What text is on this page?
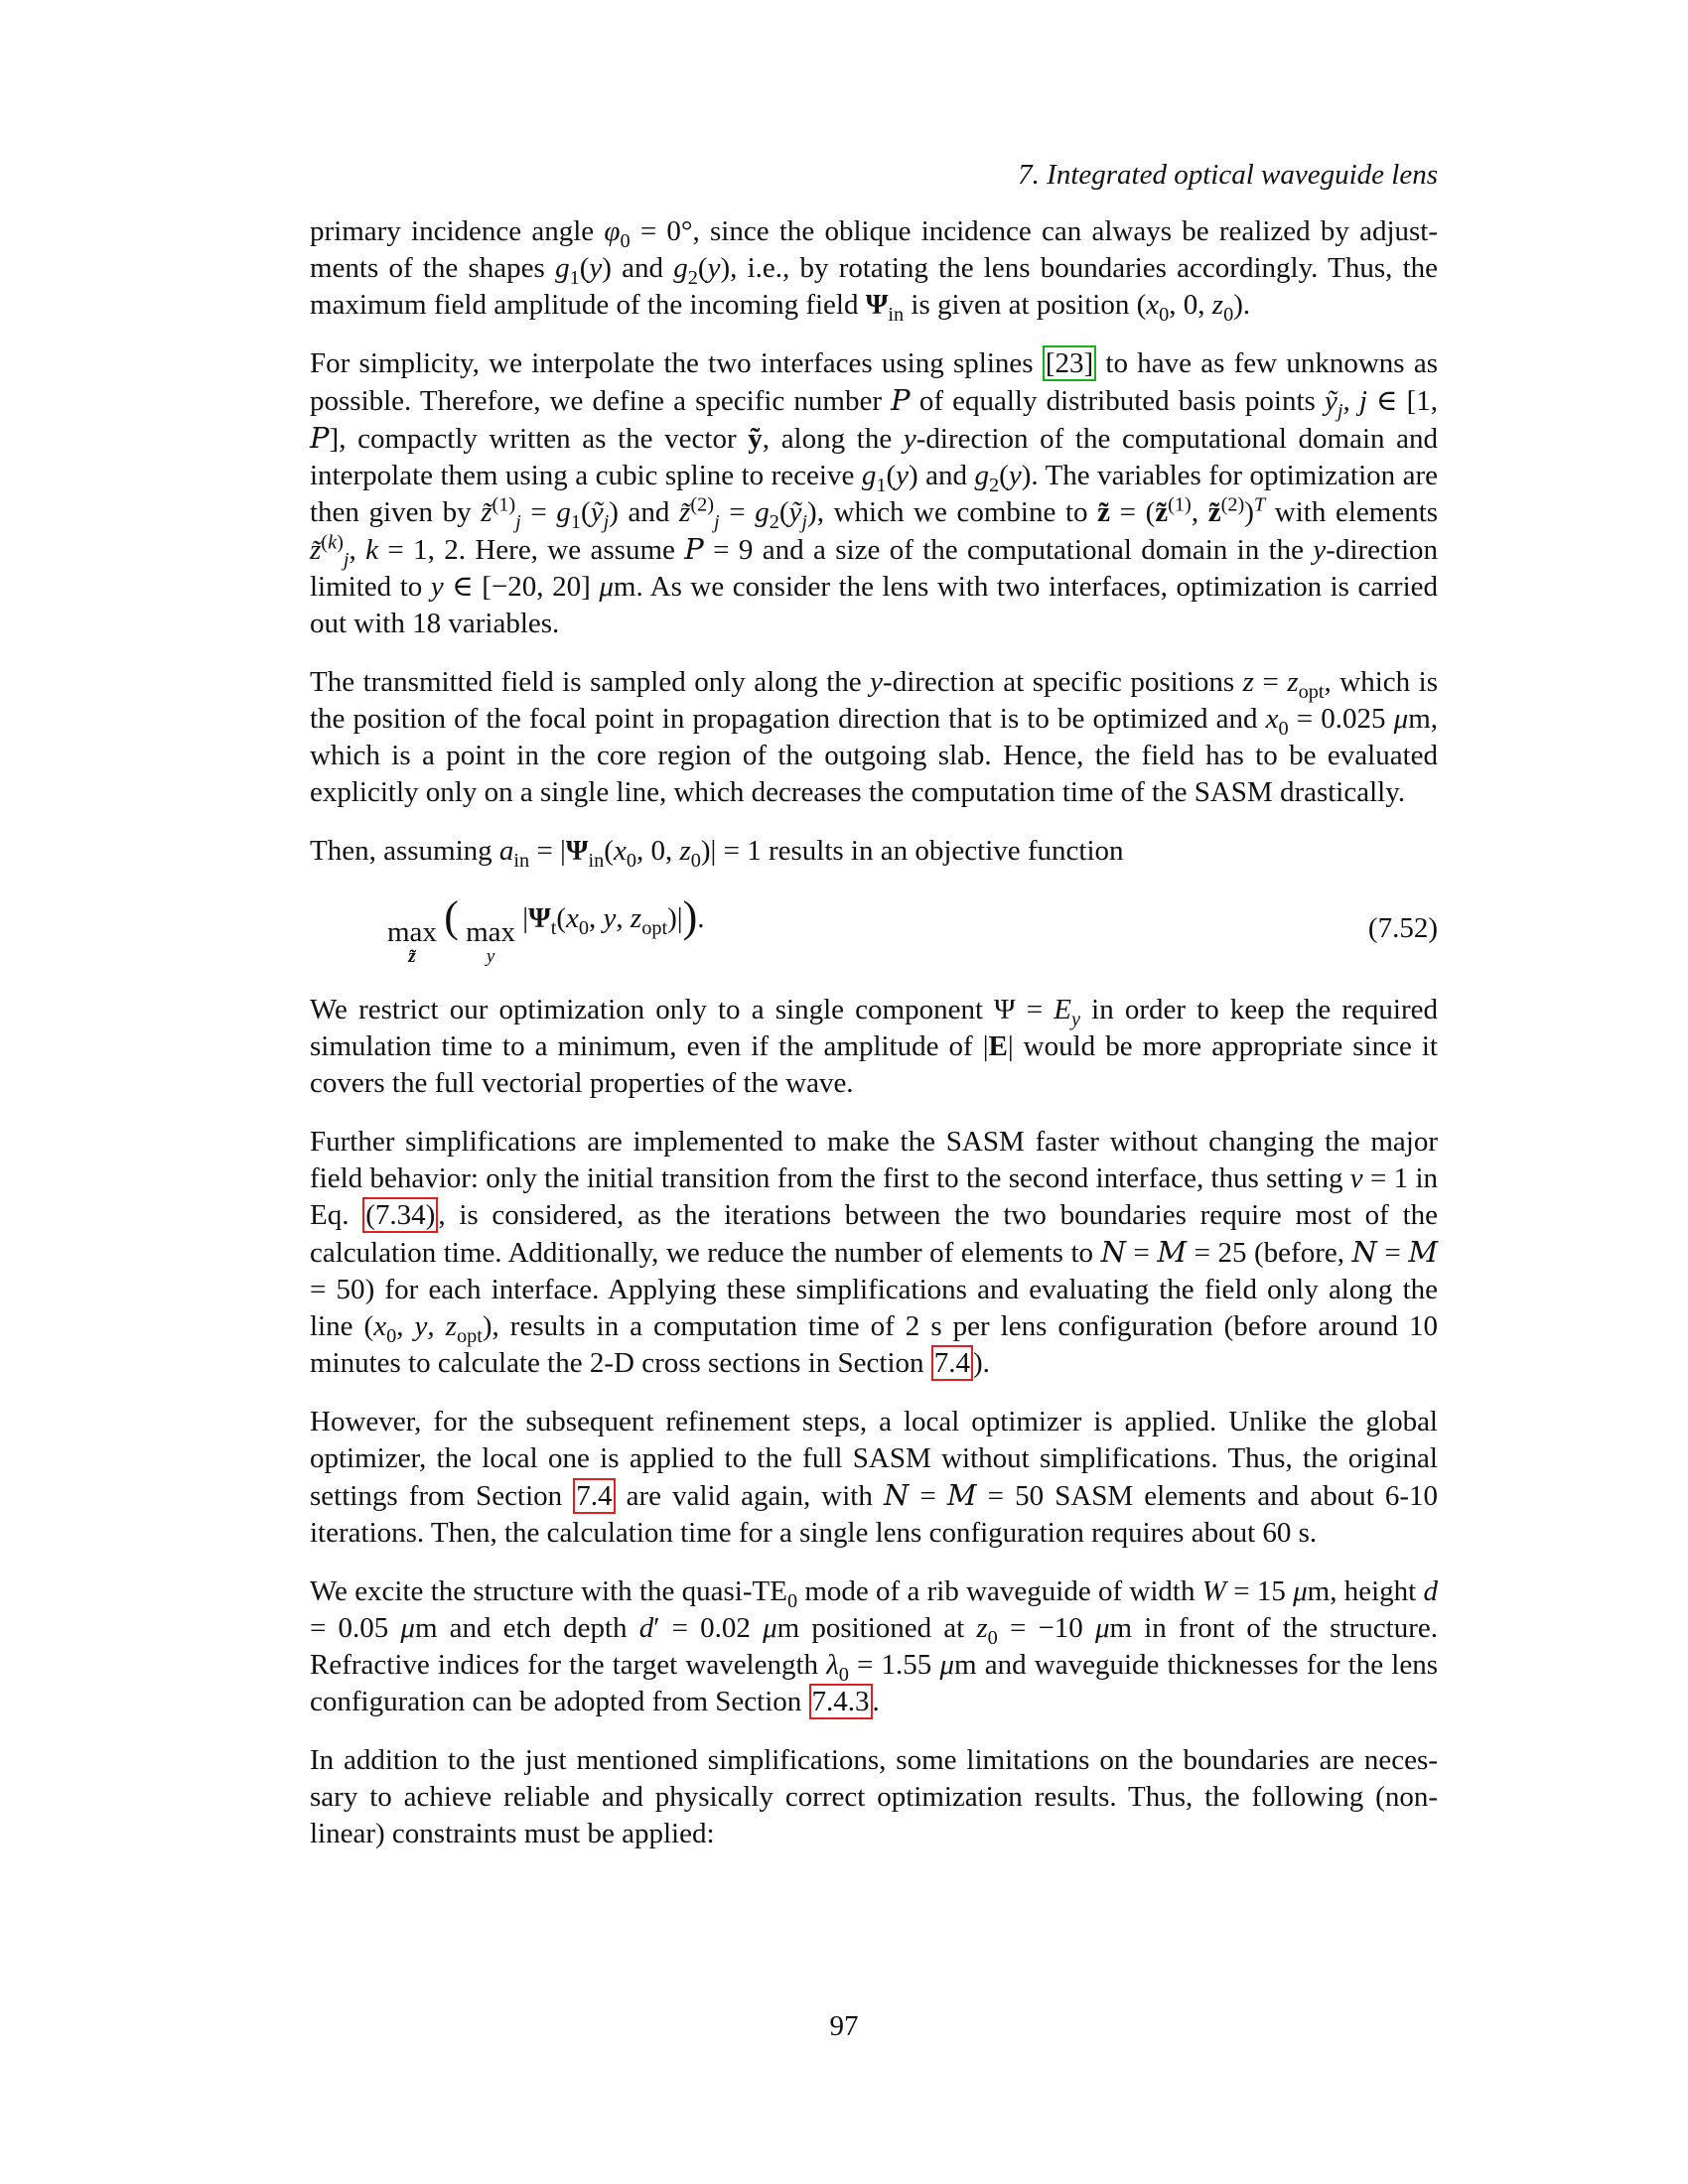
7. Integrated optical waveguide lens

primary incidence angle $\varphi_0 = 0^\circ$, since the oblique incidence can always be realized by adjust-ments of the shapes $g_1(y)$ and $g_2(y)$, i.e., by rotating the lens boundaries accordingly. Thus, the maximum field amplitude of the incoming field $\Psi_{in}$ is given at position ($x_0$, 0, $z_0$).

For simplicity, we interpolate the two interfaces using splines [23] to have as few unknowns as possible. Therefore, we define a specific number P of equally distributed basis points ỹ$_j$, j ∈ [1, P], compactly written as the vector ỹ, along the y-direction of the computational domain and interpolate them using a cubic spline to receive $g_1(y)$ and $g_2(y)$. The variables for optimization are then given by z̃$^{(1)}_j$ = $g_1(ỹ_j)$ and z̃$^{(2)}_j$ = $g_2(ỹ_j)$, which we combine to z̃ = (z̃$^{(1)}$, z̃$^{(2)}$)$^T$ with elements z̃$^{(k)}_j$, k = 1, 2. Here, we assume P = 9 and a size of the computational domain in the y-direction limited to y ∈ [−20, 20] μm. As we consider the lens with two interfaces, optimization is carried out with 18 variables.

The transmitted field is sampled only along the y-direction at specific positions $z = z_{opt}$, which is the position of the focal point in propagation direction that is to be optimized and $x_0 = 0.025$ μm, which is a point in the core region of the outgoing slab. Hence, the field has to be evaluated explicitly only on a single line, which decreases the computation time of the SASM drastically.

Then, assuming $a_{in} = |\Psi_{in}(x_0$, 0, $z_0)| = 1$ results in an objective function

max
z̃
( max
y
$|\Psi_t(x_0$, y, $z_{opt})|$).	(7.52)

We restrict our optimization only to a single component $\Psi = E_y$ in order to keep the required simulation time to a minimum, even if the amplitude of |E| would be more appropriate since it covers the full vectorial properties of the wave.

Further simplifications are implemented to make the SASM faster without changing the major field behavior: only the initial transition from the first to the second interface, thus setting ν = 1 in Eq. (7.34) , is considered, as the iterations between the two boundaries require most of the calculation time. Additionally, we reduce the number of elements to N = M = 25 (before, N = M = 50) for each interface. Applying these simplifications and evaluating the field only along the line ($x_0$, y, $z_{opt}$), results in a computation time of 2 s per lens configuration (before around 10 minutes to calculate the 2-D cross sections in Section 7.4 ).

However, for the subsequent refinement steps, a local optimizer is applied. Unlike the global optimizer, the local one is applied to the full SASM without simplifications. Thus, the original settings from Section 7.4 are valid again, with N = M = 50 SASM elements and about 6-10 iterations. Then, the calculation time for a single lens configuration requires about 60 s.

We excite the structure with the quasi-$TE_0$ mode of a rib waveguide of width W = 15 μm, height d = 0.05 μm and etch depth d′ = 0.02 μm positioned at $z_0 = -10$ μm in front of the structure. Refractive indices for the target wavelength $\lambda_0 = 1.55$ μm and waveguide thicknesses for the lens configuration can be adopted from Section 7.4.3 .

In addition to the just mentioned simplifications, some limitations on the boundaries are neces-sary to achieve reliable and physically correct optimization results. Thus, the following (non-linear) constraints must be applied:

97
